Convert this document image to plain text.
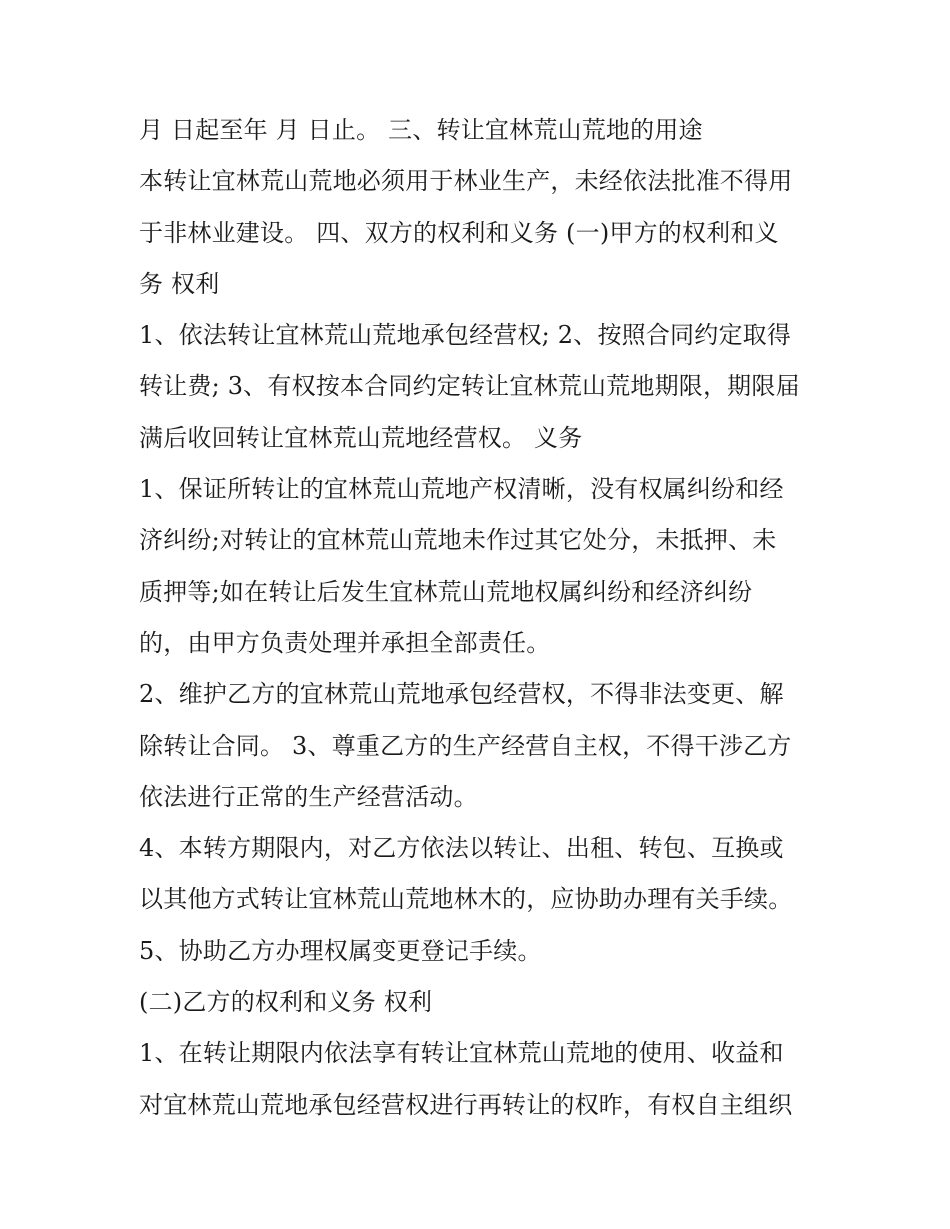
月 日起至年 月 日止。 三、转让宜林荒山荒地的用途
本转让宜林荒山荒地必须用于林业生产，未经依法批准不得用
于非林业建设。 四、双方的权利和义务 (一)甲方的权利和义
务 权利
1、依法转让宜林荒山荒地承包经营权; 2、按照合同约定取得
转让费; 3、有权按本合同约定转让宜林荒山荒地期限，期限届
满后收回转让宜林荒山荒地经营权。 义务
1、保证所转让的宜林荒山荒地产权清晰，没有权属纠纷和经
济纠纷;对转让的宜林荒山荒地未作过其它处分，未抵押、未
质押等;如在转让后发生宜林荒山荒地权属纠纷和经济纠纷
的，由甲方负责处理并承担全部责任。
2、维护乙方的宜林荒山荒地承包经营权，不得非法变更、解
除转让合同。 3、尊重乙方的生产经营自主权，不得干涉乙方
依法进行正常的生产经营活动。
4、本转方期限内，对乙方依法以转让、出租、转包、互换或
以其他方式转让宜林荒山荒地林木的，应协助办理有关手续。
5、协助乙方办理权属变更登记手续。
(二)乙方的权利和义务 权利
1、在转让期限内依法享有转让宜林荒山荒地的使用、收益和
对宜林荒山荒地承包经营权进行再转让的权昨，有权自主组织
